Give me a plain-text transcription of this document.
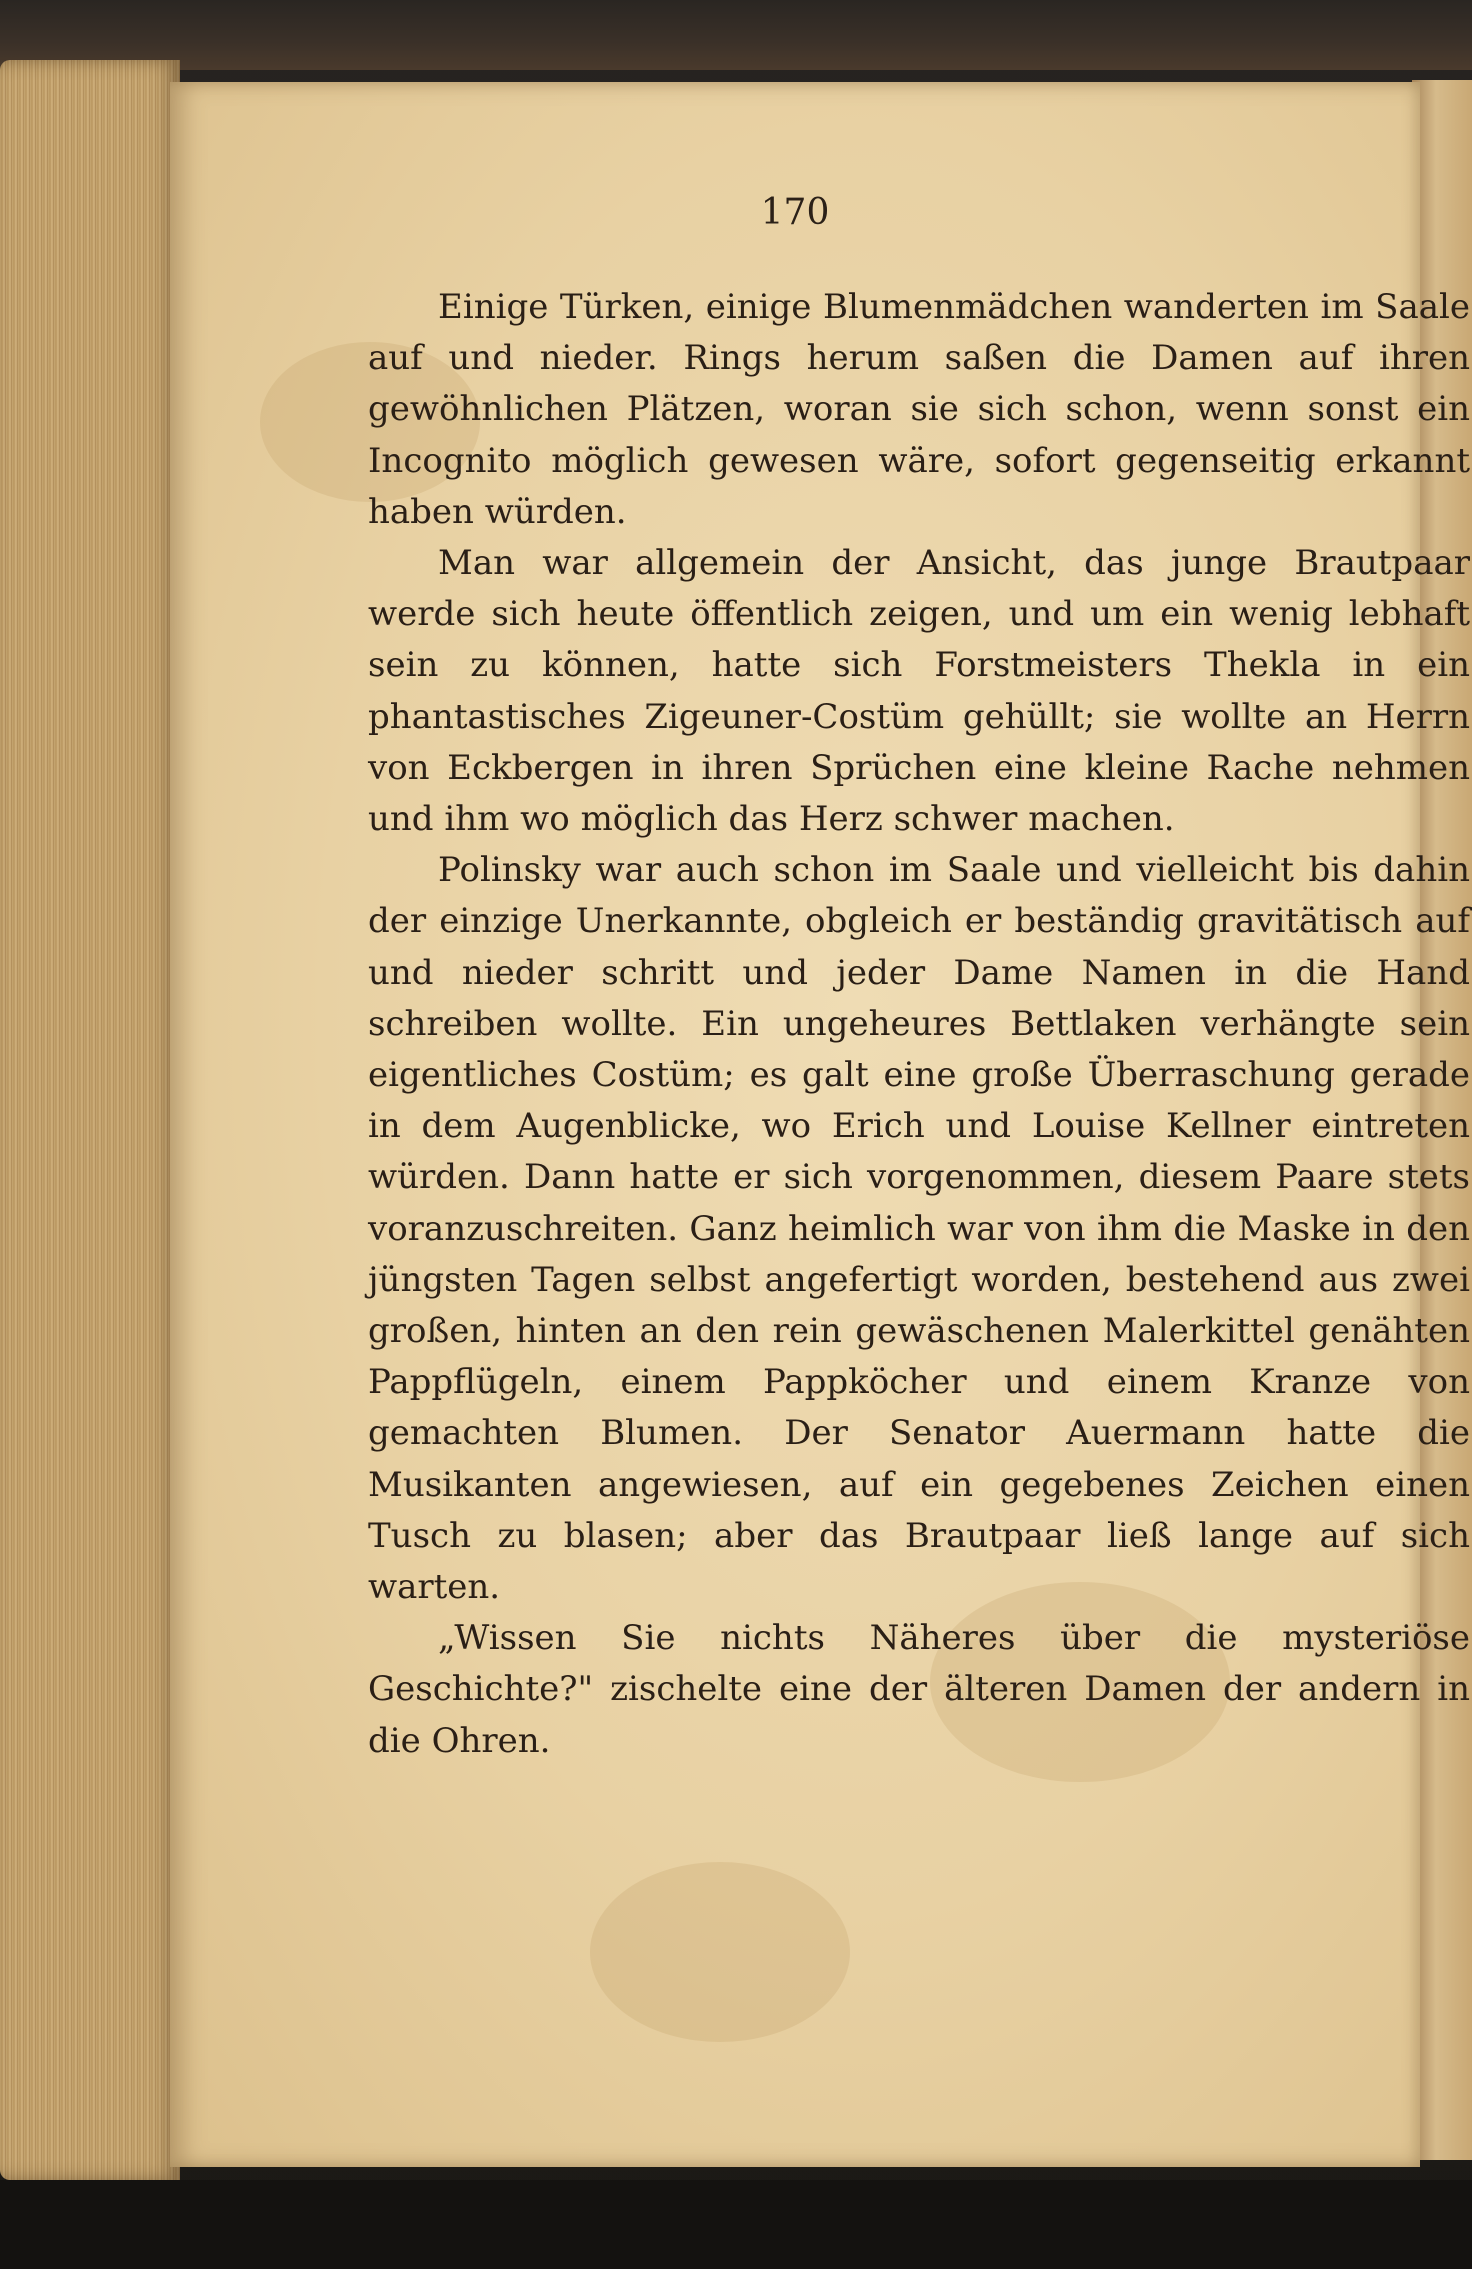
170

Einige Türken, einige Blumenmädchen wanderten im Saale auf und nieder. Rings herum saßen die Damen auf ihren gewöhnlichen Plätzen, woran sie sich schon, wenn sonst ein Incognito möglich gewesen wäre, sofort gegenseitig erkannt haben würden.

Man war allgemein der Ansicht, das junge Brautpaar werde sich heute öffentlich zeigen, und um ein wenig lebhaft sein zu können, hatte sich Forstmeisters Thekla in ein phantastisches Zigeuner-Costüm gehüllt; sie wollte an Herrn von Eckbergen in ihren Sprüchen eine kleine Rache nehmen und ihm wo möglich das Herz schwer machen.

Polinsky war auch schon im Saale und vielleicht bis dahin der einzige Unerkannte, obgleich er beständig gravitätisch auf und nieder schritt und jeder Dame Namen in die Hand schreiben wollte. Ein ungeheures Bettlaken verhängte sein eigentliches Costüm; es galt eine große Überraschung gerade in dem Augenblicke, wo Erich und Louise Kellner eintreten würden. Dann hatte er sich vorgenommen, diesem Paare stets voranzuschreiten. Ganz heimlich war von ihm die Maske in den jüngsten Tagen selbst angefertigt worden, bestehend aus zwei großen, hinten an den rein gewäschenen Malerkittel genähten Pappflügeln, einem Pappköcher und einem Kranze von gemachten Blumen. Der Senator Auermann hatte die Musikanten angewiesen, auf ein gegebenes Zeichen einen Tusch zu blasen; aber das Brautpaar ließ lange auf sich warten.

„Wissen Sie nichts Näheres über die mysteriöse Geschichte?" zischelte eine der älteren Damen der andern in die Ohren.
